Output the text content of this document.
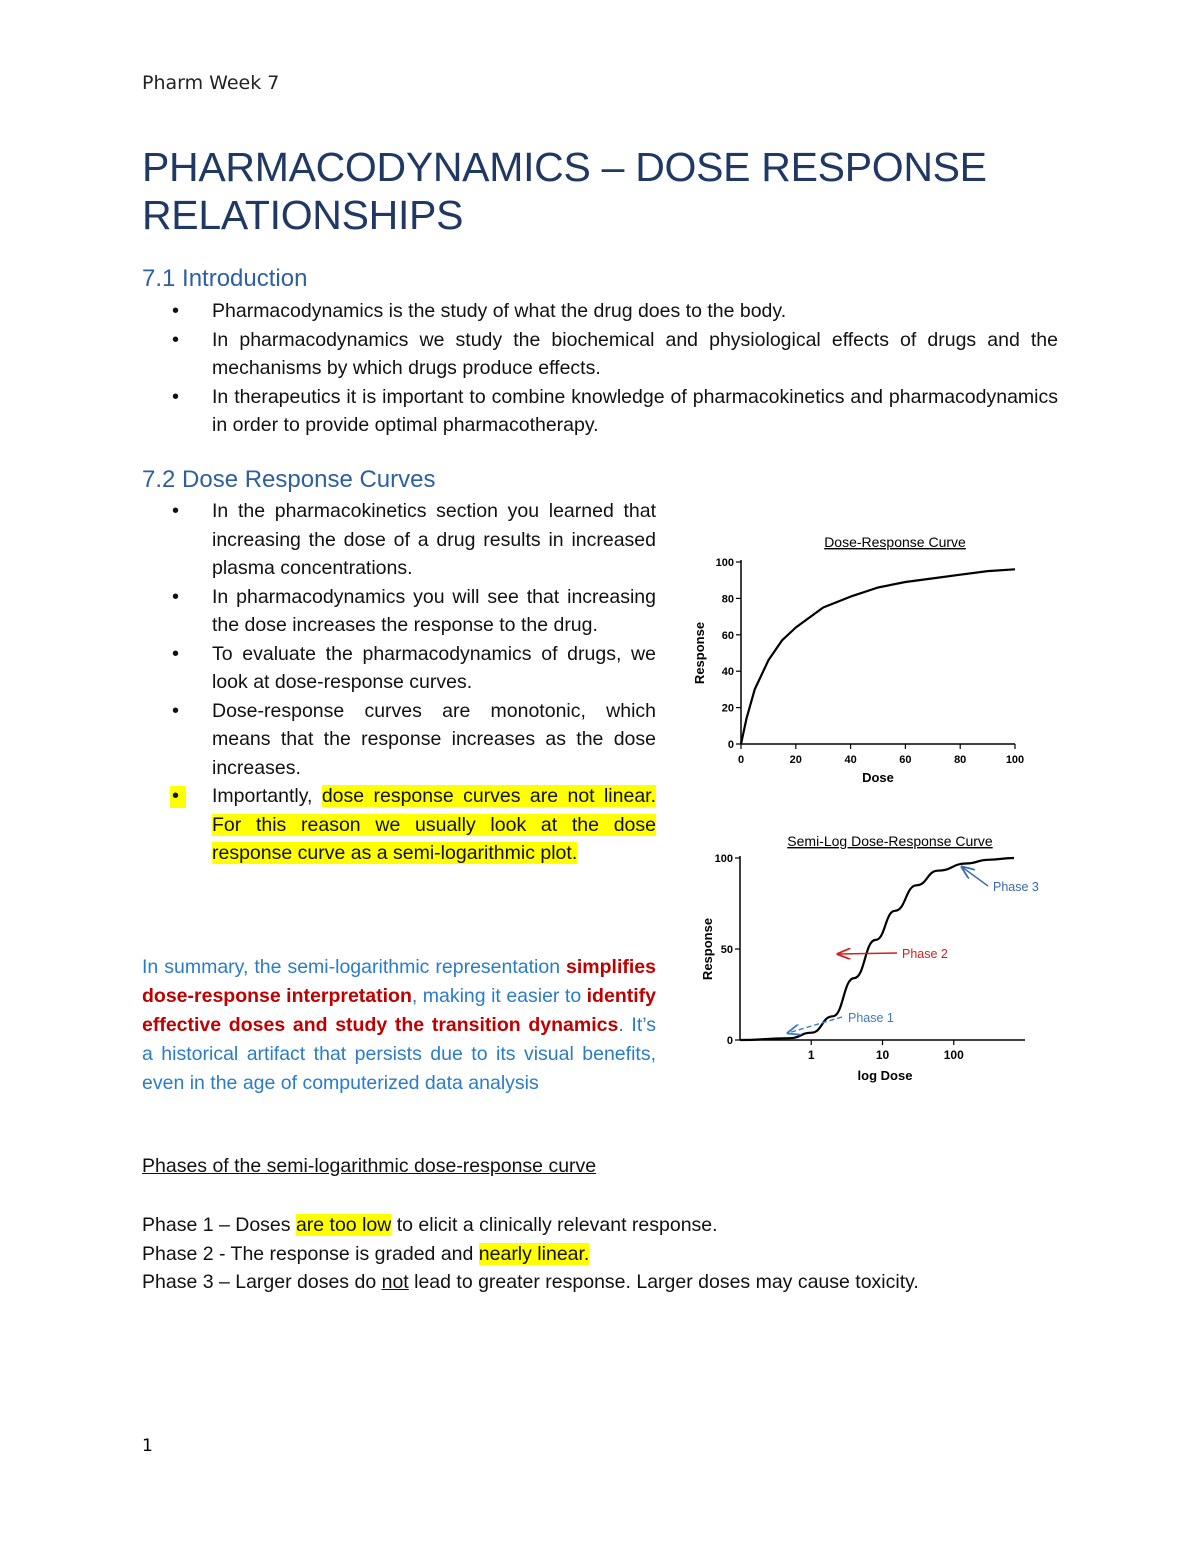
Pharm Week 7
PHARMACODYNAMICS – DOSE RESPONSE
RELATIONSHIPS
7.1 Introduction
• Pharmacodynamics is the study of what the drug does to the body.
• In pharmacodynamics we study the biochemical and physiological effects of drugs and the mechanisms by which drugs produce effects.
• In therapeutics it is important to combine knowledge of pharmacokinetics and pharmacodynamics in order to provide optimal pharmacotherapy.
7.2 Dose Response Curves
• In the pharmacokinetics section you learned that increasing the dose of a drug results in increased plasma concentrations.
• In pharmacodynamics you will see that increasing the dose increases the response to the drug.
• To evaluate the pharmacodynamics of drugs, we look at dose-response curves.
• Dose-response curves are monotonic, which means that the response increases as the dose increases.
• Importantly, dose response curves are not linear. For this reason we usually look at the dose response curve as a semi-logarithmic plot.
In summary, the semi-logarithmic representation simplifies dose-response interpretation, making it easier to identify effective doses and study the transition dynamics. It’s a historical artifact that persists due to its visual benefits, even in the age of computerized data analysis
Phases of the semi-logarithmic dose-response curve
Phase 1 – Doses are too low to elicit a clinically relevant response.
Phase 2 - The response is graded and nearly linear.
Phase 3 – Larger doses do not lead to greater response. Larger doses may cause toxicity.
1
Dose-Response Curve
0
20
40
60
80
100
0	20	40	60	80	100
Dose
Response
Semi-Log Dose-Response Curve
0
50
100
1	10	100
log Dose
Response
Phase 1
Phase 2
Phase 3
